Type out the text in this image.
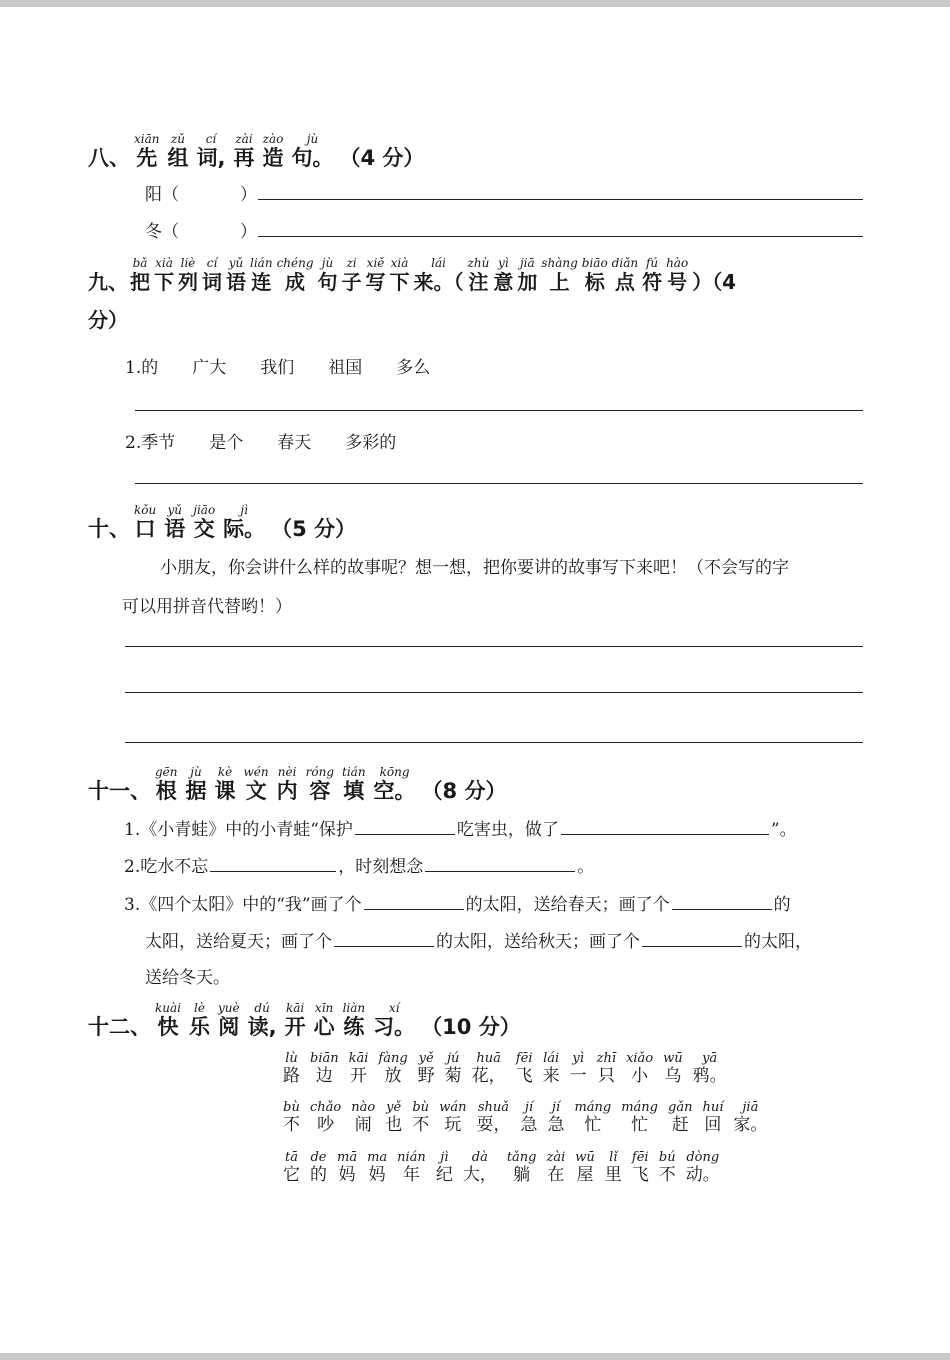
八、
xiān
先
zǔ
组
cí
词,
zài
再
zào
造
jù
句。 （4 分）
阳（	）
冬（	）
九、
bǎ
把
xià
下
liè
列
cí
词
yǔ
语
lián
连
chéng
成
jù
句
zi
子
xiě
写
xià
下
lái
来。（
zhù
注
yì
意
jiā
加
shàng
上
biāo
标
diǎn
点
fú
符
hào
号 ）（4
分）
1.的　　广大　　我们　　祖国　　多么
2.季节　　是个　　春天　　多彩的
十、
kǒu
口
yǔ
语
jiāo
交
jì
际。 （5 分）
小朋友，你会讲什么样的故事呢？想一想，把你要讲的故事写下来吧！（不会写的字
可以用拼音代替哟！）
十一、
gēn
根
jù
据
kè
课
wén
文
nèi
内
róng
容
tián
填
kōng
空。 （8 分）
1.《小青蛙》中的小青蛙“保护	吃害虫，做了	”。
2.吃水不忘	，时刻想念	。
3.《四个太阳》中的“我”画了个	的太阳，送给春天；画了个	的
太阳，送给夏天；画了个	的太阳，送给秋天；画了个	的太阳，
送给冬天。
十二、
kuài
快
lè
乐
yuè
阅
dú
读,
kāi
开
xīn
心
liàn
练
xí
习。 （10 分）
lù
路
biān
边
kāi
开
fàng
放
yě
野
jú
菊
huā
花，
fēi
飞
lái
来
yì
一
zhī
只
xiǎo
小
wū
乌
yā
鸦。
bù
不
chǎo
吵
nào
闹
yě
也
bù
不
wán
玩
shuǎ
耍，
jí
急
jí
急
máng
忙
máng
忙
gǎn
赶
huí
回
jiā
家。
tā
它
de
的
mā
妈
ma
妈
nián
年
jì
纪
dà
大，
tǎng
躺
zài
在
wū
屋
lǐ
里
fēi
飞
bú
不
dòng
动。
